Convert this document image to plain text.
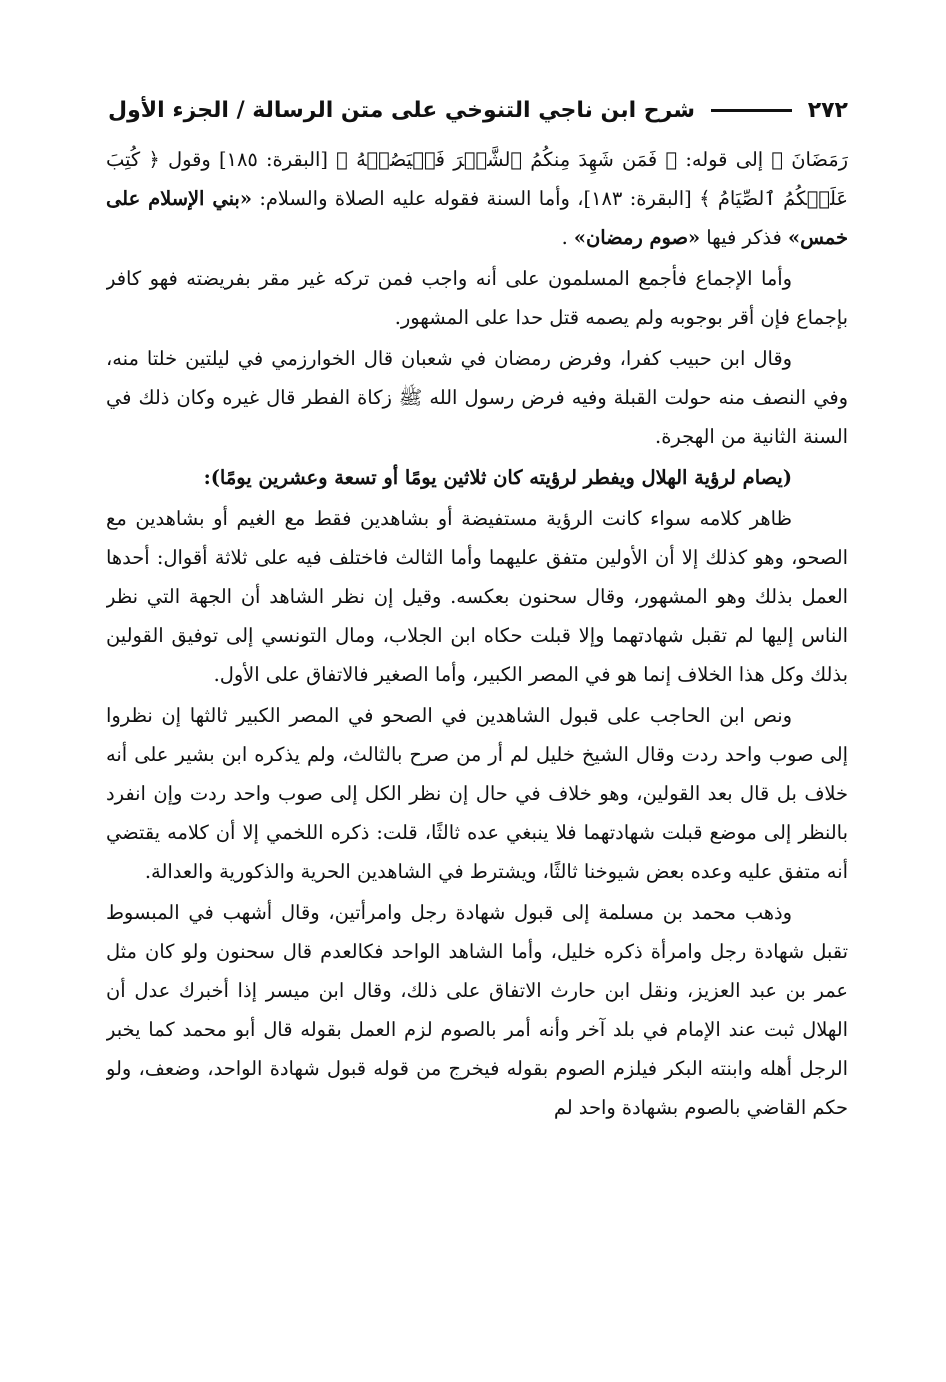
شرح ابن ناجي التنوخي على متن الرسالة / الجزء الأول	٢٧٢

رَمَضَانَ ﴾ إلى قوله: ﴿ فَمَن شَهِدَ مِنكُمُ ٱلشَّهۡرَ فَلۡيَصُمۡهُ ﴾ [البقرة: ١٨٥] وقول ﴿ كُتِبَ عَلَيۡكُمُ ٱلصِّيَامُ ﴾ [البقرة: ١٨٣]، وأما السنة فقوله عليه الصلاة والسلام: «بني الإسلام على خمس» فذكر فيها «صوم رمضان» .

وأما الإجماع فأجمع المسلمون على أنه واجب فمن تركه غير مقر بفريضته فهو كافر بإجماع فإن أقر بوجوبه ولم يصمه قتل حدا على المشهور.

وقال ابن حبيب كفرا، وفرض رمضان في شعبان قال الخوارزمي في ليلتين خلتا منه، وفي النصف منه حولت القبلة وفيه فرض رسول الله ﷺ زكاة الفطر قال غيره وكان ذلك في السنة الثانية من الهجرة.

(يصام لرؤية الهلال ويفطر لرؤيته كان ثلاثين يومًا أو تسعة وعشرين يومًا):

ظاهر كلامه سواء كانت الرؤية مستفيضة أو بشاهدين فقط مع الغيم أو بشاهدين مع الصحو، وهو كذلك إلا أن الأولين متفق عليهما وأما الثالث فاختلف فيه على ثلاثة أقوال: أحدها العمل بذلك وهو المشهور، وقال سحنون بعكسه. وقيل إن نظر الشاهد أن الجهة التي نظر الناس إليها لم تقبل شهادتهما وإلا قبلت حكاه ابن الجلاب، ومال التونسي إلى توفيق القولين بذلك وكل هذا الخلاف إنما هو في المصر الكبير، وأما الصغير فالاتفاق على الأول.

ونص ابن الحاجب على قبول الشاهدين في الصحو في المصر الكبير ثالثها إن نظروا إلى صوب واحد ردت وقال الشيخ خليل لم أر من صرح بالثالث، ولم يذكره ابن بشير على أنه خلاف بل قال بعد القولين، وهو خلاف في حال إن نظر الكل إلى صوب واحد ردت وإن انفرد بالنظر إلى موضع قبلت شهادتهما فلا ينبغي عده ثالثًا، قلت: ذكره اللخمي إلا أن كلامه يقتضي أنه متفق عليه وعده بعض شيوخنا ثالثًا، ويشترط في الشاهدين الحرية والذكورية والعدالة.

وذهب محمد بن مسلمة إلى قبول شهادة رجل وامرأتين، وقال أشهب في المبسوط تقبل شهادة رجل وامرأة ذكره خليل، وأما الشاهد الواحد فكالعدم قال سحنون ولو كان مثل عمر بن عبد العزيز، ونقل ابن حارث الاتفاق على ذلك، وقال ابن ميسر إذا أخبرك عدل أن الهلال ثبت عند الإمام في بلد آخر وأنه أمر بالصوم لزم العمل بقوله قال أبو محمد كما يخبر الرجل أهله وابنته البكر فيلزم الصوم بقوله فيخرج من قوله قبول شهادة الواحد، وضعف، ولو حكم القاضي بالصوم بشهادة واحد لم
